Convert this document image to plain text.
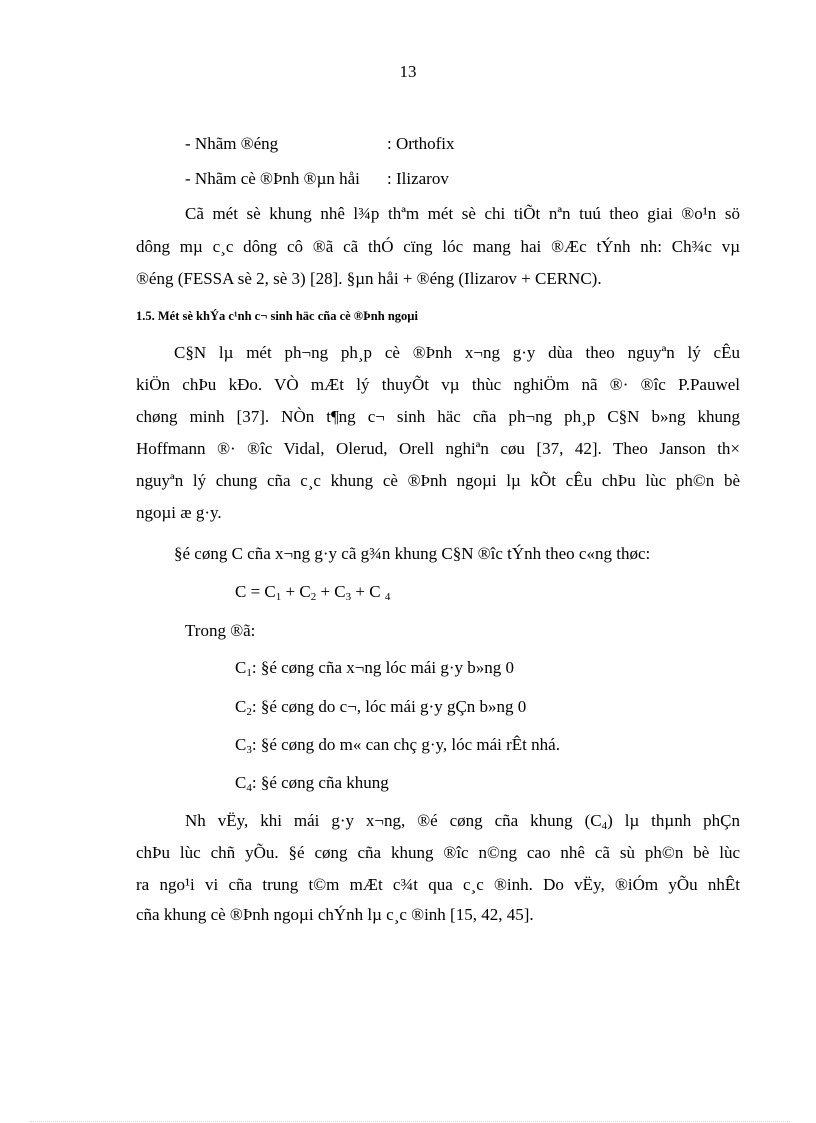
13
- Nhãm ®éng	: Orthofix
- Nhãm cè ®Þnh ®µn håi : Ilizarov
Cã mét sè khung nhê l¾p thªm mét sè chi tiÕt nªn tuú theo giai ®o¹n sö
dông mµ c¸c dông cô ®ã cã thÓ cïng lóc mang hai ®Æc tÝnh nh: Ch¾c vµ
®éng (FESSA sè 2, sè 3) [28]. §µn håi + ®éng (Ilizarov + CERNC).
1.5. Mét sè khÝa c¹nh c¬ sinh häc cña cè ®Þnh ngoµi
C§N lµ mét ph¬ng ph¸p cè ®Þnh x¬ng g·y dùa theo nguyªn lý cÊu
kiÖn chÞu kÐo. VÒ mÆt lý thuyÕt vµ thùc nghiÖm nã ®· ®îc P.Pauwel
chøng minh [37]. NÒn t¶ng c¬ sinh häc cña ph¬ng ph¸p C§N b»ng khung
Hoffmann ®· ®îc Vidal, Olerud, Orell nghiªn cøu [37, 42]. Theo Janson th×
nguyªn lý chung cña c¸c khung cè ®Þnh ngoµi lµ kÕt cÊu chÞu lùc ph©n bè
ngoµi æ g·y.
§é cøng C cña x¬ng g·y cã g¾n khung C§N ®îc tÝnh theo c«ng thøc:
$C = C_1 + C_2 + C_3 + C$ $_4$
Trong ®ã:
$C_1$: §é cøng cña x¬ng lóc mái g·y b»ng 0
$C_2$: §é cøng do c¬, lóc mái g·y gÇn b»ng 0
$C_3$: §é cøng do m« can chç g·y, lóc mái rÊt nhá.
$C_4$: §é cøng cña khung
Nh vËy, khi mái g·y x¬ng, ®é cøng cña khung $(C_4)$ lµ thµnh phÇn
chÞu lùc chñ yÕu. §é cøng cña khung ®îc n©ng cao nhê cã sù ph©n bè lùc
ra ngo¹i vi cña trung t©m mÆt c¾t qua c¸c ®inh. Do vËy, ®iÓm yÕu nhÊt
cña khung cè ®Þnh ngoµi chÝnh lµ c¸c ®inh [15, 42, 45].
